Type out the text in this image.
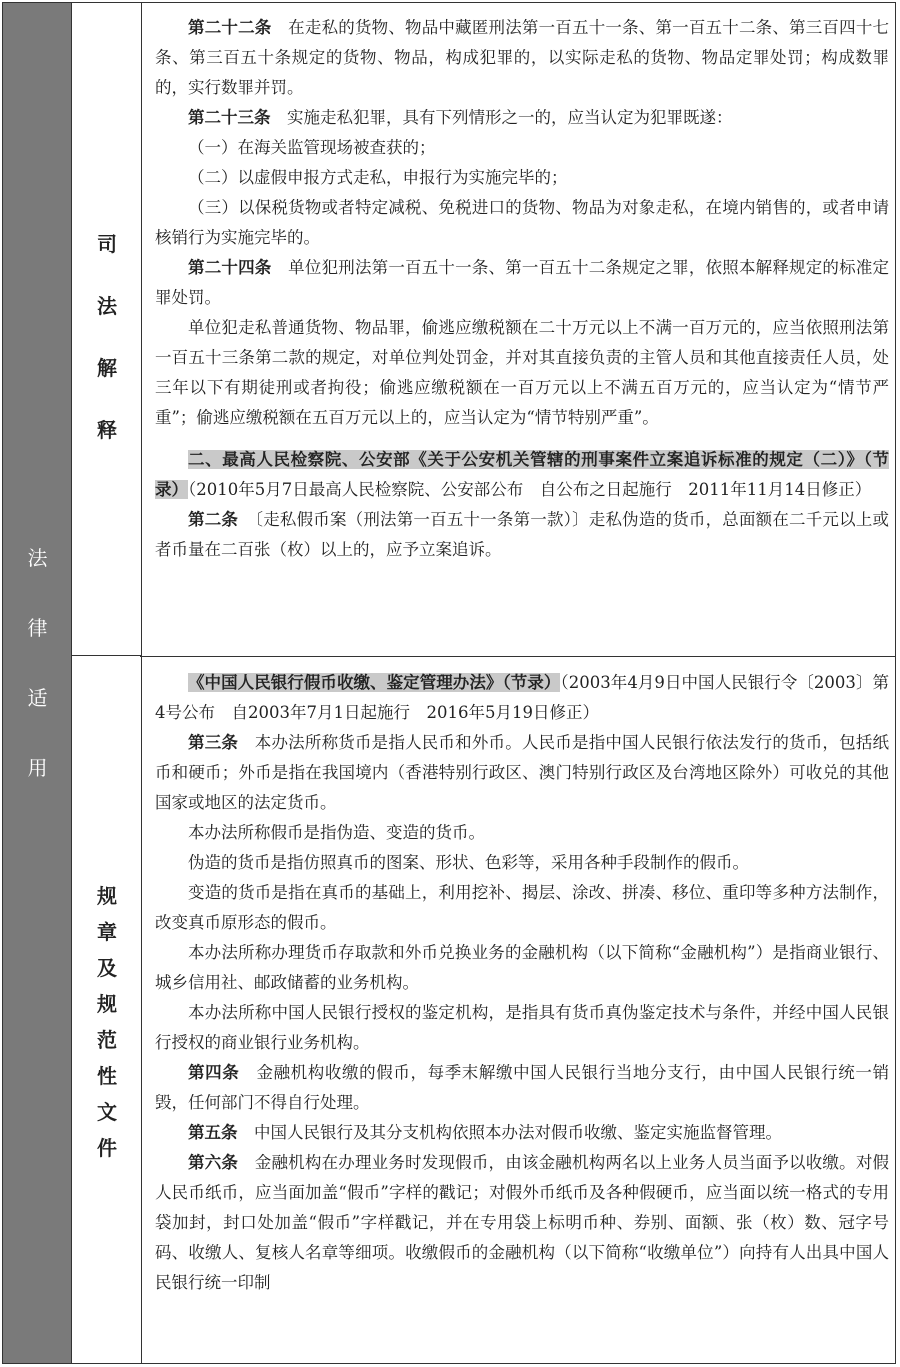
法
律
适
用
司
法
解
释
规
章
及
规
范
性
文
件

第二十二条　在走私的货物、物品中藏匿刑法第一百五十一条、第一百五十二条、第三百四十七条、第三百五十条规定的货物、物品，构成犯罪的，以实际走私的货物、物品定罪处罚；构成数罪的，实行数罪并罚。

第二十三条　实施走私犯罪，具有下列情形之一的，应当认定为犯罪既遂：

（一）在海关监管现场被查获的；

（二）以虚假申报方式走私，申报行为实施完毕的；

（三）以保税货物或者特定减税、免税进口的货物、物品为对象走私，在境内销售的，或者申请核销行为实施完毕的。

第二十四条　单位犯刑法第一百五十一条、第一百五十二条规定之罪，依照本解释规定的标准定罪处罚。

单位犯走私普通货物、物品罪，偷逃应缴税额在二十万元以上不满一百万元的，应当依照刑法第一百五十三条第二款的规定，对单位判处罚金，并对其直接负责的主管人员和其他直接责任人员，处三年以下有期徒刑或者拘役；偷逃应缴税额在一百万元以上不满五百万元的，应当认定为“情节严重”；偷逃应缴税额在五百万元以上的，应当认定为“情节特别严重”。

二、最高人民检察院、公安部《关于公安机关管辖的刑事案件立案追诉标准的规定（二）》（节录）（2010年5月7日最高人民检察院、公安部公布　自公布之日起施行　2011年11月14日修正）

第二条　〔走私假币案（刑法第一百五十一条第一款）〕走私伪造的货币，总面额在二千元以上或者币量在二百张（枚）以上的，应予立案追诉。

《中国人民银行假币收缴、鉴定管理办法》（节录）（2003年4月9日中国人民银行令〔2003〕第4号公布　自2003年7月1日起施行　2016年5月19日修正）

第三条　本办法所称货币是指人民币和外币。人民币是指中国人民银行依法发行的货币，包括纸币和硬币；外币是指在我国境内（香港特别行政区、澳门特别行政区及台湾地区除外）可收兑的其他国家或地区的法定货币。

本办法所称假币是指伪造、变造的货币。

伪造的货币是指仿照真币的图案、形状、色彩等，采用各种手段制作的假币。

变造的货币是指在真币的基础上，利用挖补、揭层、涂改、拼凑、移位、重印等多种方法制作，改变真币原形态的假币。

本办法所称办理货币存取款和外币兑换业务的金融机构（以下简称“金融机构”）是指商业银行、城乡信用社、邮政储蓄的业务机构。

本办法所称中国人民银行授权的鉴定机构，是指具有货币真伪鉴定技术与条件，并经中国人民银行授权的商业银行业务机构。

第四条　金融机构收缴的假币，每季末解缴中国人民银行当地分支行，由中国人民银行统一销毁，任何部门不得自行处理。

第五条　中国人民银行及其分支机构依照本办法对假币收缴、鉴定实施监督管理。

第六条　金融机构在办理业务时发现假币，由该金融机构两名以上业务人员当面予以收缴。对假人民币纸币，应当面加盖“假币”字样的戳记；对假外币纸币及各种假硬币，应当面以统一格式的专用袋加封，封口处加盖“假币”字样戳记，并在专用袋上标明币种、券别、面额、张（枚）数、冠字号码、收缴人、复核人名章等细项。收缴假币的金融机构（以下简称“收缴单位”）向持有人出具中国人民银行统一印制
